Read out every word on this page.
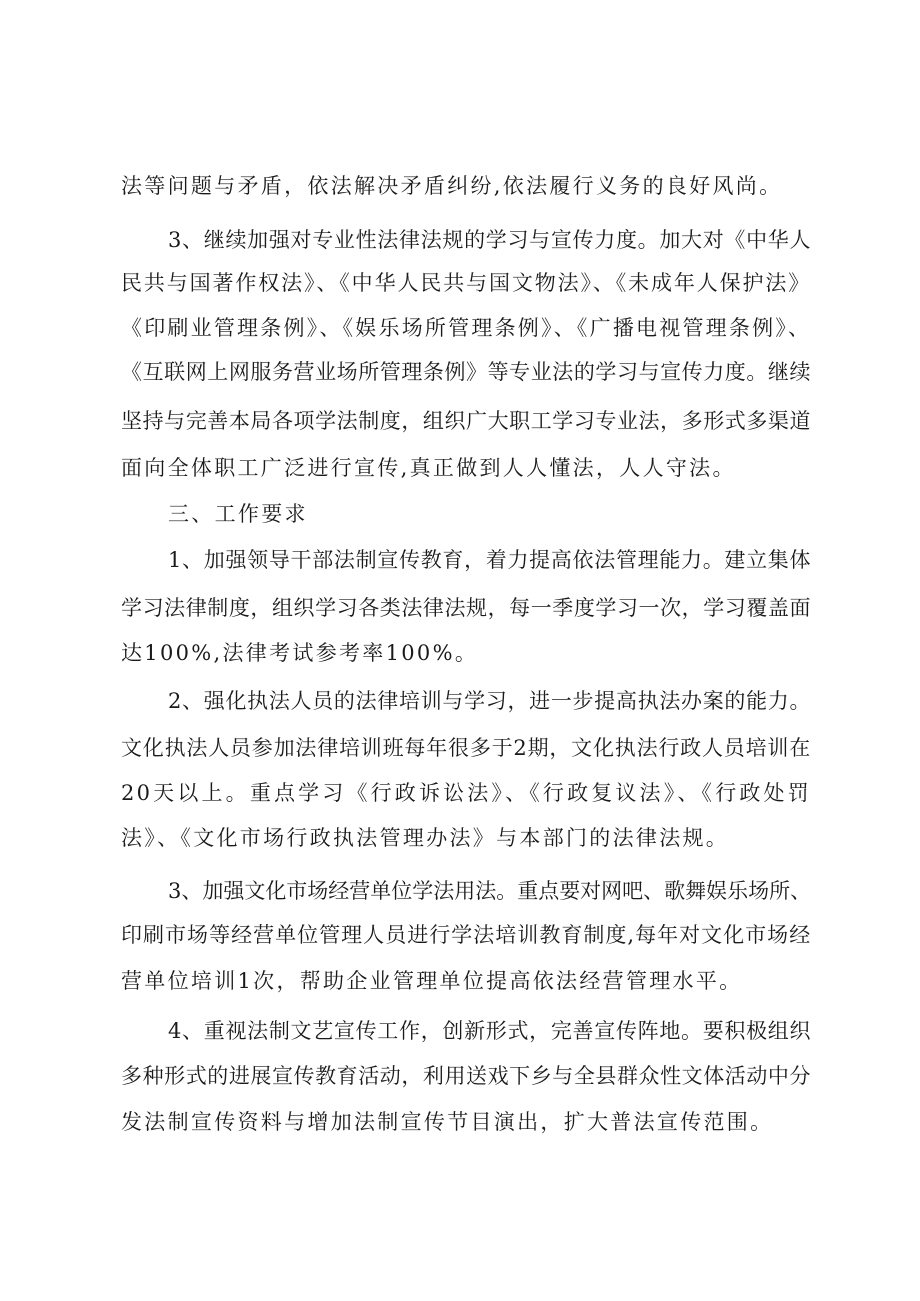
法等问题与矛盾，依法解决矛盾纠纷,依法履行义务的良好风尚。
3、继续加强对专业性法律法规的学习与宣传力度。加大对《中华人
民共与国著作权法》、《中华人民共与国文物法》、《未成年人保护法》
《印刷业管理条例》、《娱乐场所管理条例》、《广播电视管理条例》、
《互联网上网服务营业场所管理条例》等专业法的学习与宣传力度。继续
坚持与完善本局各项学法制度，组织广大职工学习专业法，多形式多渠道
面向全体职工广泛进行宣传,真正做到人人懂法，人人守法。
三、工作要求
1、加强领导干部法制宣传教育，着力提高依法管理能力。建立集体
学习法律制度，组织学习各类法律法规，每一季度学习一次，学习覆盖面
达100%,法律考试参考率100%。
2、强化执法人员的法律培训与学习，进一步提高执法办案的能力。
文化执法人员参加法律培训班每年很多于2期，文化执法行政人员培训在
20天以上。重点学习《行政诉讼法》、《行政复议法》、《行政处罚
法》、《文化市场行政执法管理办法》与本部门的法律法规。
3、加强文化市场经营单位学法用法。重点要对网吧、歌舞娱乐场所、
印刷市场等经营单位管理人员进行学法培训教育制度,每年对文化市场经
营单位培训1次，帮助企业管理单位提高依法经营管理水平。
4、重视法制文艺宣传工作，创新形式，完善宣传阵地。要积极组织
多种形式的进展宣传教育活动，利用送戏下乡与全县群众性文体活动中分
发法制宣传资料与增加法制宣传节目演出，扩大普法宣传范围。
